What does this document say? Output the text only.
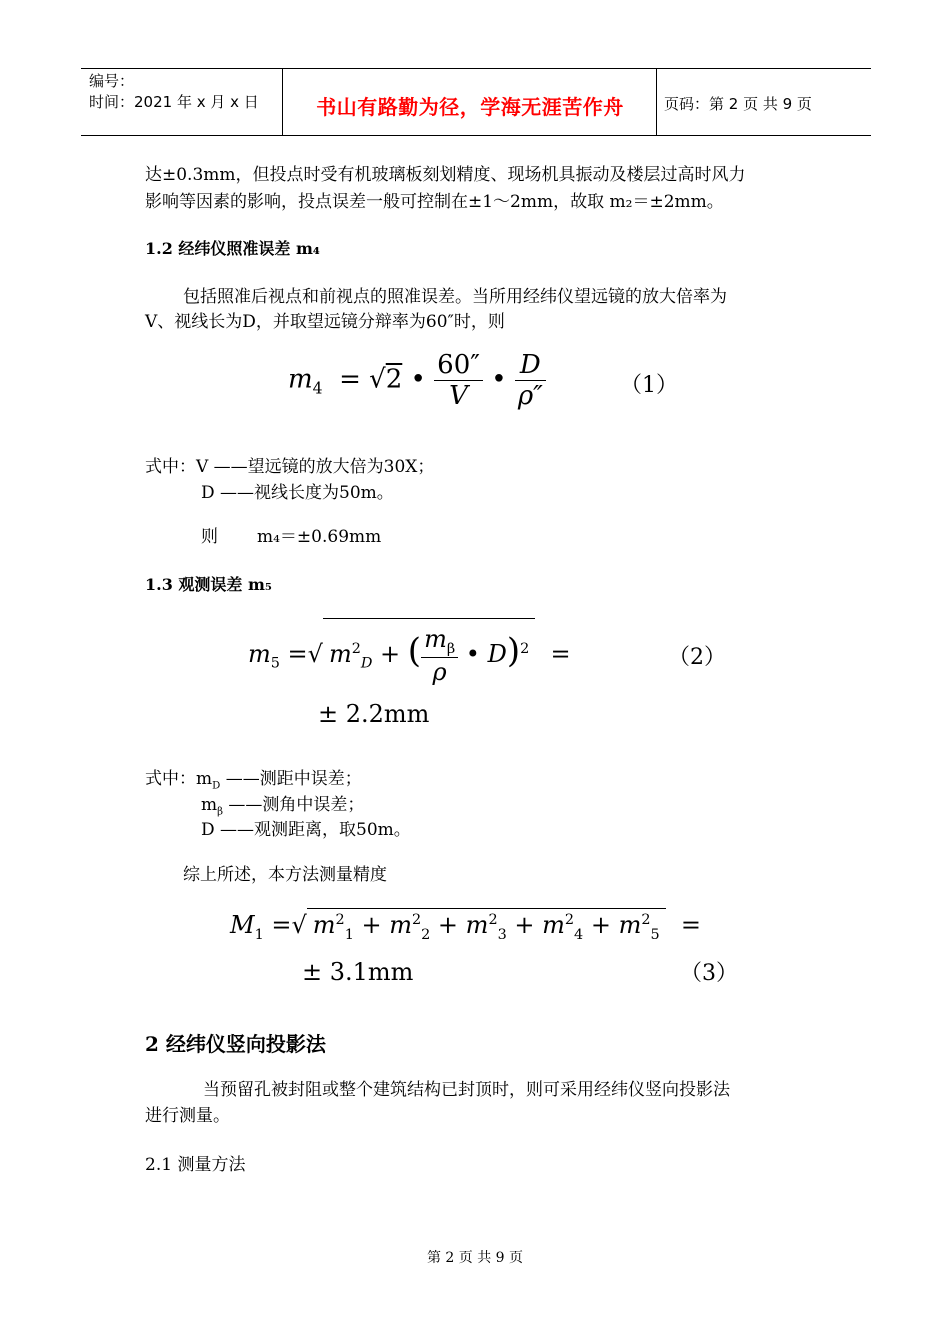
编号：
时间：2021 年 x 月 x 日	书山有路勤为径，学海无涯苦作舟	页码：第 2 页 共 9 页
达±0.3mm，但投点时受有机玻璃板刻划精度、现场机具振动及楼层过高时风力
影响等因素的影响，投点误差一般可控制在±1～2mm，故取 m₂＝±2mm。
1.2 经纬仪照准误差 m₄
包括照准后视点和前视点的照准误差。当所用经纬仪望远镜的放大倍率为
V、视线长为D，并取望远镜分辩率为60″时，则
$m_4 = √2$ • $\frac{60''}{V}$ • $\frac{D}{\rho''}$	（1）
式中：V ——望远镜的放大倍为30X；
D ——视线长度为50m。
则 m₄＝±0.69mm
1.3 观测误差 m₅
$m_5$ =√ $m^2_D$ + ( $\frac{m_\beta}{\rho}$ • D)$^2$  =	（2）
± 2.2mm
式中：$m_D$ ——测距中误差；
$m_\beta$ ——测角中误差；
D ——观测距离，取50m。
综上所述，本方法测量精度
$M_1$ =√ $m^2_1 + m^2_2 + m^2_3 + m^2_4 + m^2_5$  =
± 3.1mm	（3）
2 经纬仪竖向投影法
当预留孔被封阻或整个建筑结构已封顶时，则可采用经纬仪竖向投影法
进行测量。
2.1 测量方法
第 2 页 共 9 页
